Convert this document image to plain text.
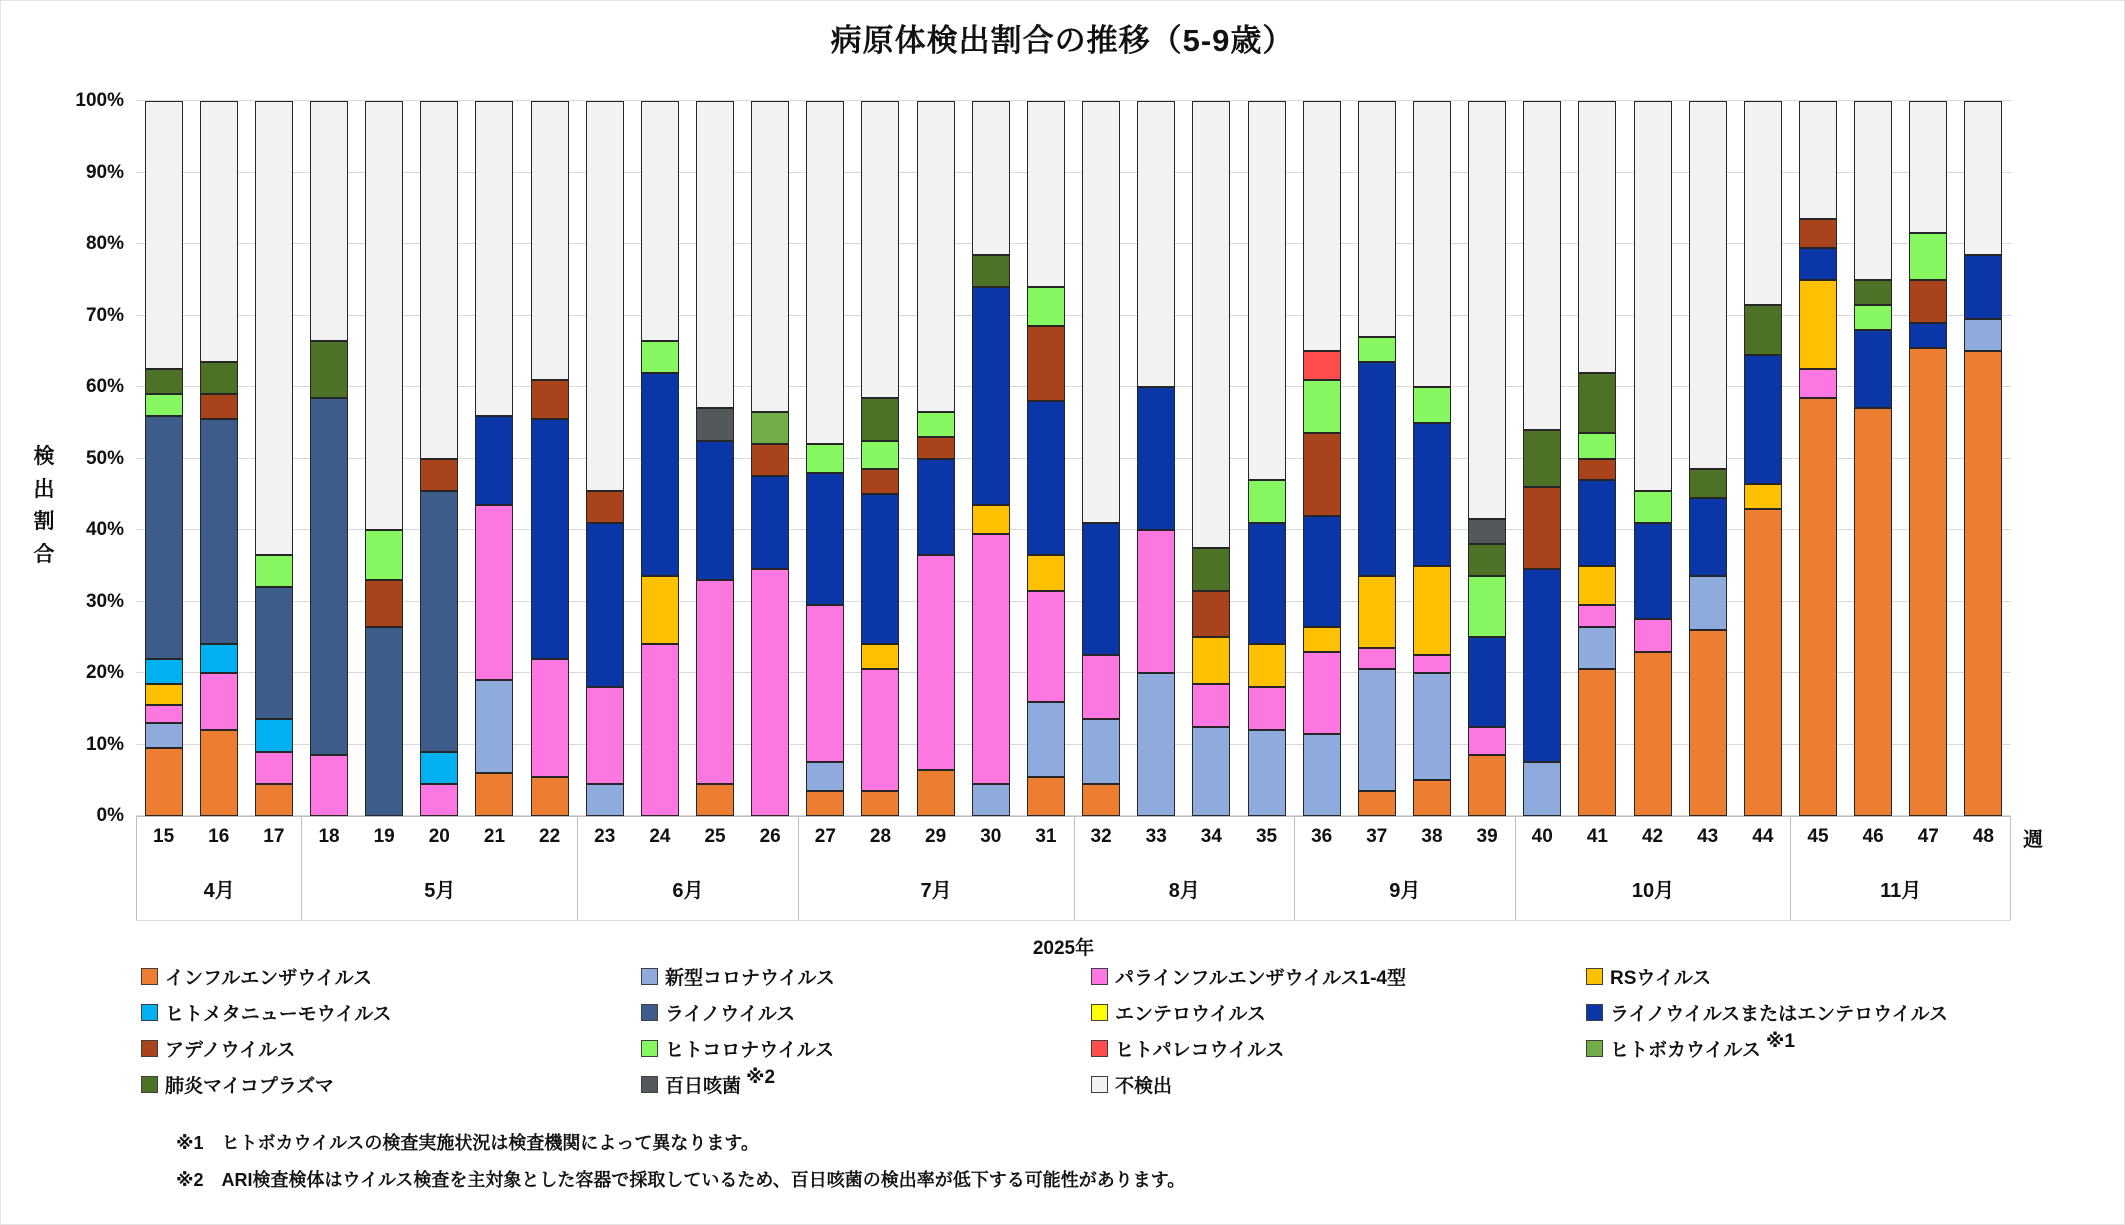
病原体検出割合の推移（5-9歳）
検
出
割
合
0%
10%
20%
30%
40%
50%
60%
70%
80%
90%
100%
15	16	17	18	19	20	21	22	23	24	25	26	27	28	29	30	31	32	33	34	35	36	37	38	39	40	41	42	43	44	45	46	47	48
4月	5月	6月	7月	8月	9月	10月	11月
週
2025年
インフルエンザウイルス	新型コロナウイルス	パラインフルエンザウイルス1-4型	RSウイルス
ヒトメタニューモウイルス	ライノウイルス	エンテロウイルス	ライノウイルスまたはエンテロウイルス
アデノウイルス	ヒトコロナウイルス	ヒトパレコウイルス	ヒトボカウイルス ※1
肺炎マイコプラズマ	百日咳菌 ※2	不検出
※1　ヒトボカウイルスの検査実施状況は検査機関によって異なります。
※2　ARI検査検体はウイルス検査を主対象とした容器で採取しているため、百日咳菌の検出率が低下する可能性があります。
